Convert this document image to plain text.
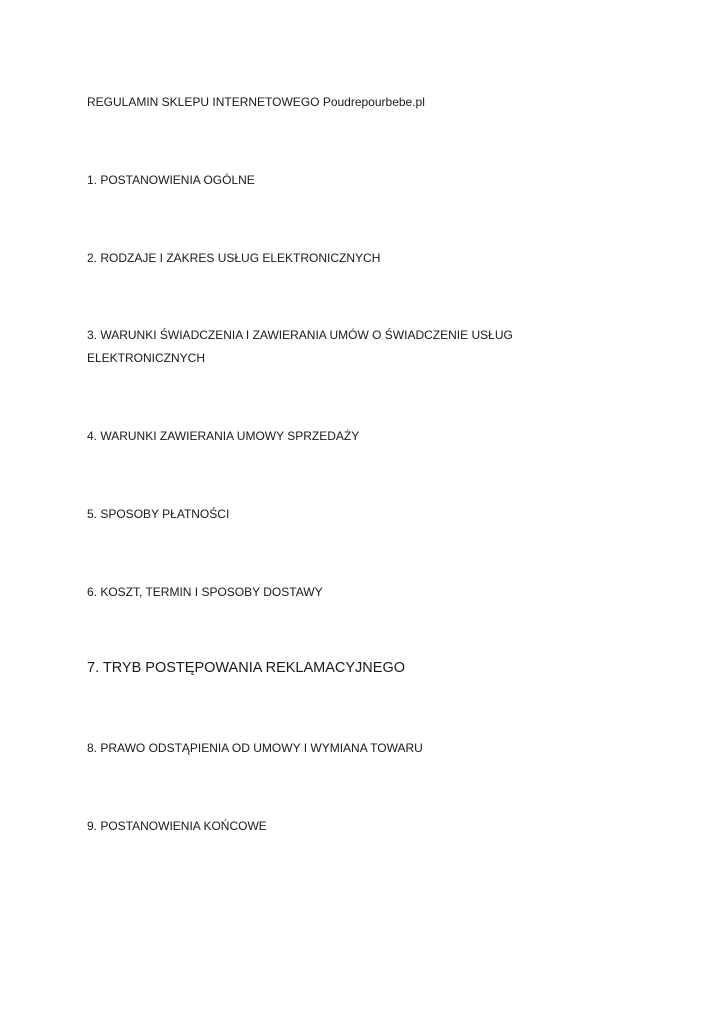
REGULAMIN SKLEPU INTERNETOWEGO Poudrepourbebe.pl

1. POSTANOWIENIA OGÓLNE

2. RODZAJE I ZAKRES USŁUG ELEKTRONICZNYCH

3. WARUNKI ŚWIADCZENIA I ZAWIERANIA UMÓW O ŚWIADCZENIE USŁUG

ELEKTRONICZNYCH

4. WARUNKI ZAWIERANIA UMOWY SPRZEDAŻY

5. SPOSOBY PŁATNOŚCI

6. KOSZT, TERMIN I SPOSOBY DOSTAWY

7. TRYB POSTĘPOWANIA REKLAMACYJNEGO

8. PRAWO ODSTĄPIENIA OD UMOWY I WYMIANA TOWARU

9. POSTANOWIENIA KOŃCOWE
